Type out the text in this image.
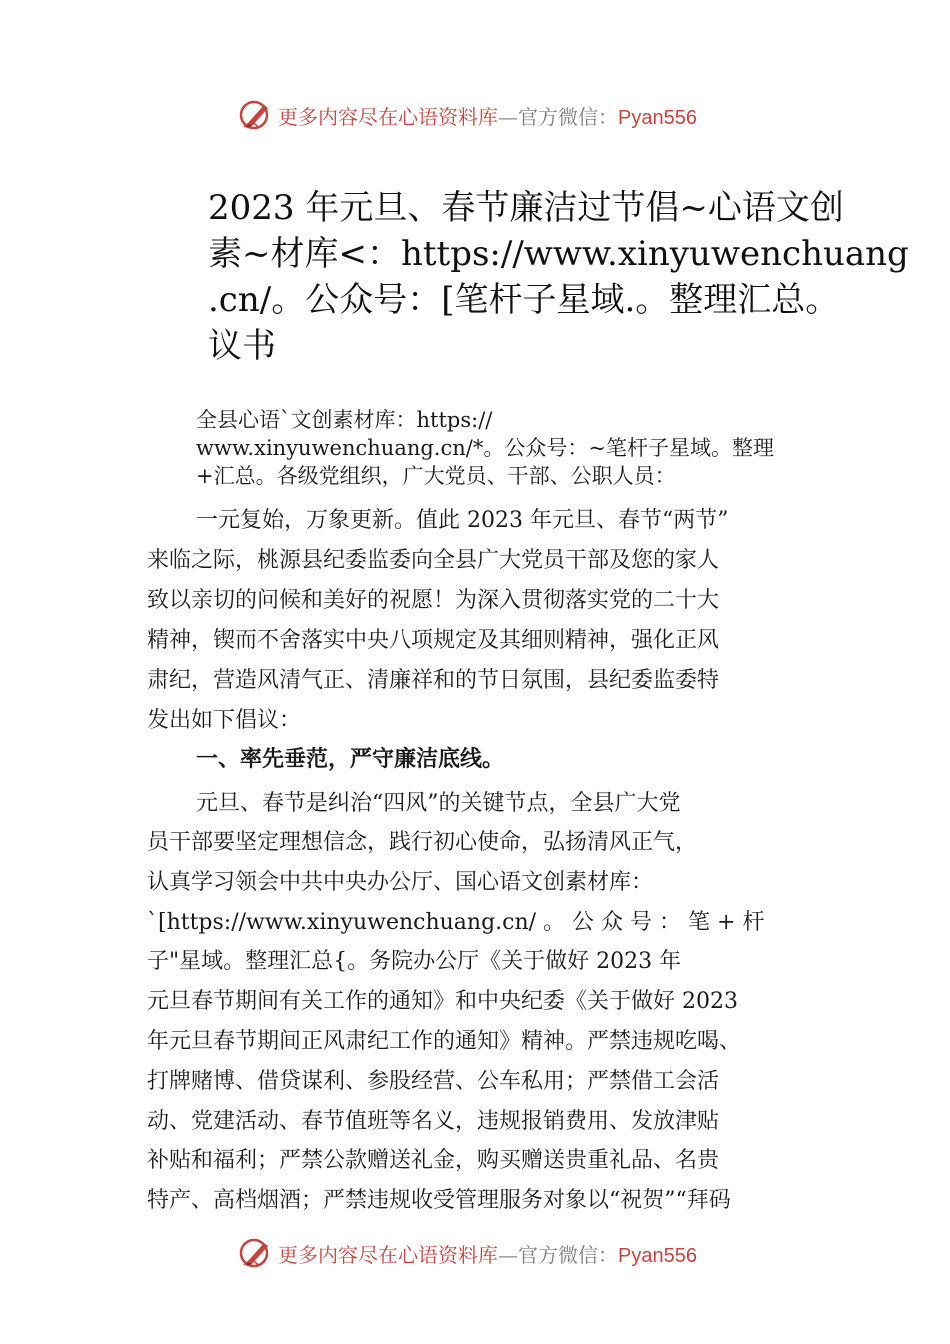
更多内容尽在心语资料库—官方微信：Pyan556
2023 年元旦、春节廉洁过节倡~心语文创
素~材库<：https://www.xinyuwenchuang
.cn/。公众号：[笔杆子星域.。整理汇总。
议书
全县心语`文创素材库：https://
www.xinyuwenchuang.cn/*。公众号：~笔杆子星域。整理
+汇总。各级党组织，广大党员、干部、公职人员：
一元复始，万象更新。值此 2023 年元旦、春节“两节”
来临之际，桃源县纪委监委向全县广大党员干部及您的家人
致以亲切的问候和美好的祝愿！为深入贯彻落实党的二十大
精神，锲而不舍落实中央八项规定及其细则精神，强化正风
肃纪，营造风清气正、清廉祥和的节日氛围，县纪委监委特
发出如下倡议：
一、率先垂范，严守廉洁底线。
元旦、春节是纠治“四风”的关键节点，全县广大党
员干部要坚定理想信念，践行初心使命，弘扬清风正气，
认真学习领会中共中央办公厅、国心语文创素材库：
`[https://www.xinyuwenchuang.cn/ 。 公 众 号 ： 笔 + 杆
子"星域。整理汇总{。务院办公厅《关于做好 2023 年
元旦春节期间有关工作的通知》和中央纪委《关于做好 2023
年元旦春节期间正风肃纪工作的通知》精神。严禁违规吃喝、
打牌赌博、借贷谋利、参股经营、公车私用；严禁借工会活
动、党建活动、春节值班等名义，违规报销费用、发放津贴
补贴和福利；严禁公款赠送礼金，购买赠送贵重礼品、名贵
特产、高档烟酒；严禁违规收受管理服务对象以“祝贺”“拜码
更多内容尽在心语资料库—官方微信：Pyan556
